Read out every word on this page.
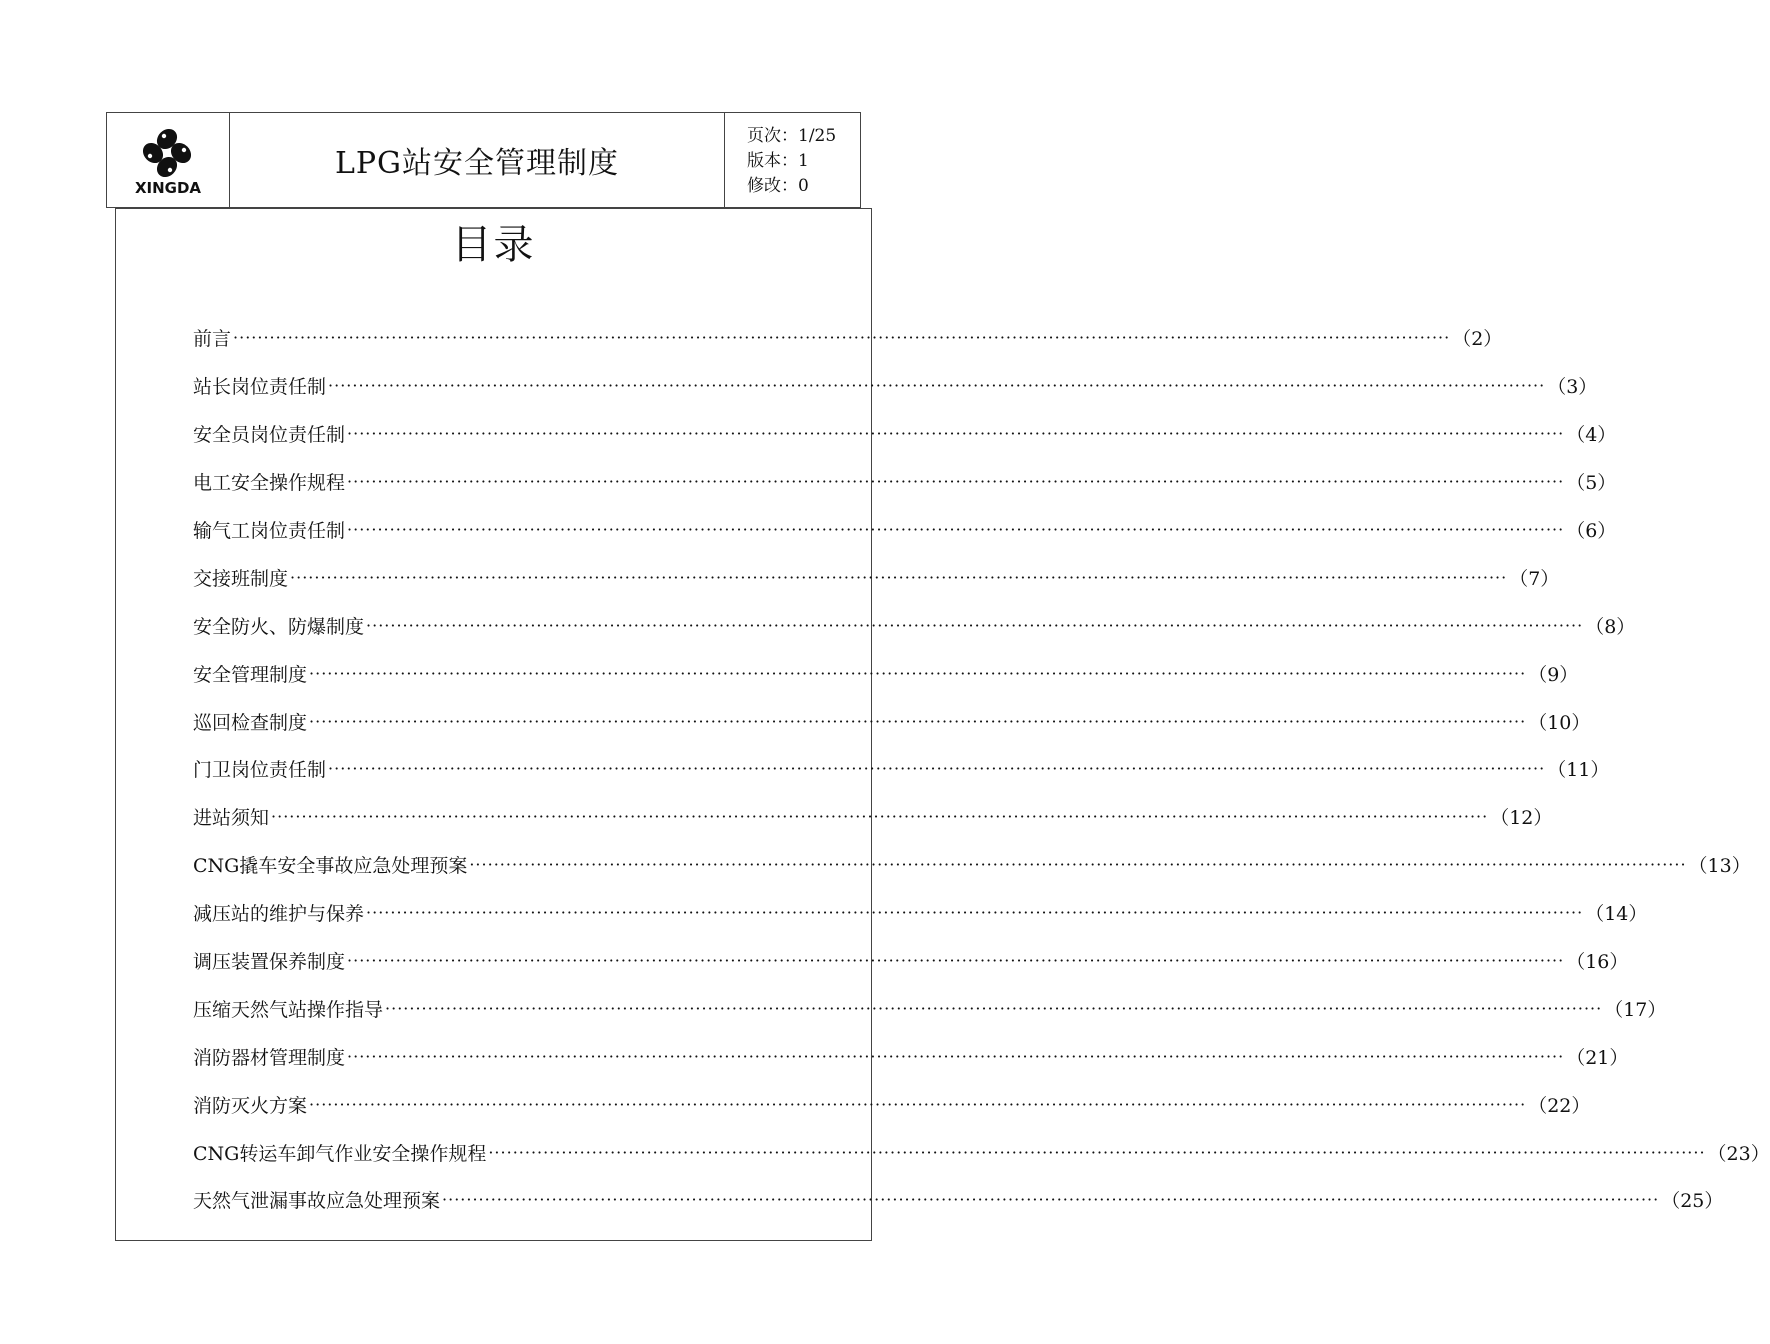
XINGDA
LPG站安全管理制度
页次：1/25
版本：1
修改：0
目录
前言 ········································································································································································································ （2）
站长岗位责任制 ········································································································································································································ （3）
安全员岗位责任制 ········································································································································································································ （4）
电工安全操作规程 ········································································································································································································ （5）
输气工岗位责任制 ········································································································································································································ （6）
交接班制度 ········································································································································································································ （7）
安全防火、防爆制度 ········································································································································································································ （8）
安全管理制度 ········································································································································································································ （9）
巡回检查制度 ········································································································································································································ （10）
门卫岗位责任制 ········································································································································································································ （11）
进站须知 ········································································································································································································ （12）
CNG撬车安全事故应急处理预案 ········································································································································································································ （13）
减压站的维护与保养 ········································································································································································································ （14）
调压装置保养制度 ········································································································································································································ （16）
压缩天然气站操作指导 ········································································································································································································ （17）
消防器材管理制度 ········································································································································································································ （21）
消防灭火方案 ········································································································································································································ （22）
CNG转运车卸气作业安全操作规程 ········································································································································································································ （23）
天然气泄漏事故应急处理预案 ········································································································································································································ （25）
